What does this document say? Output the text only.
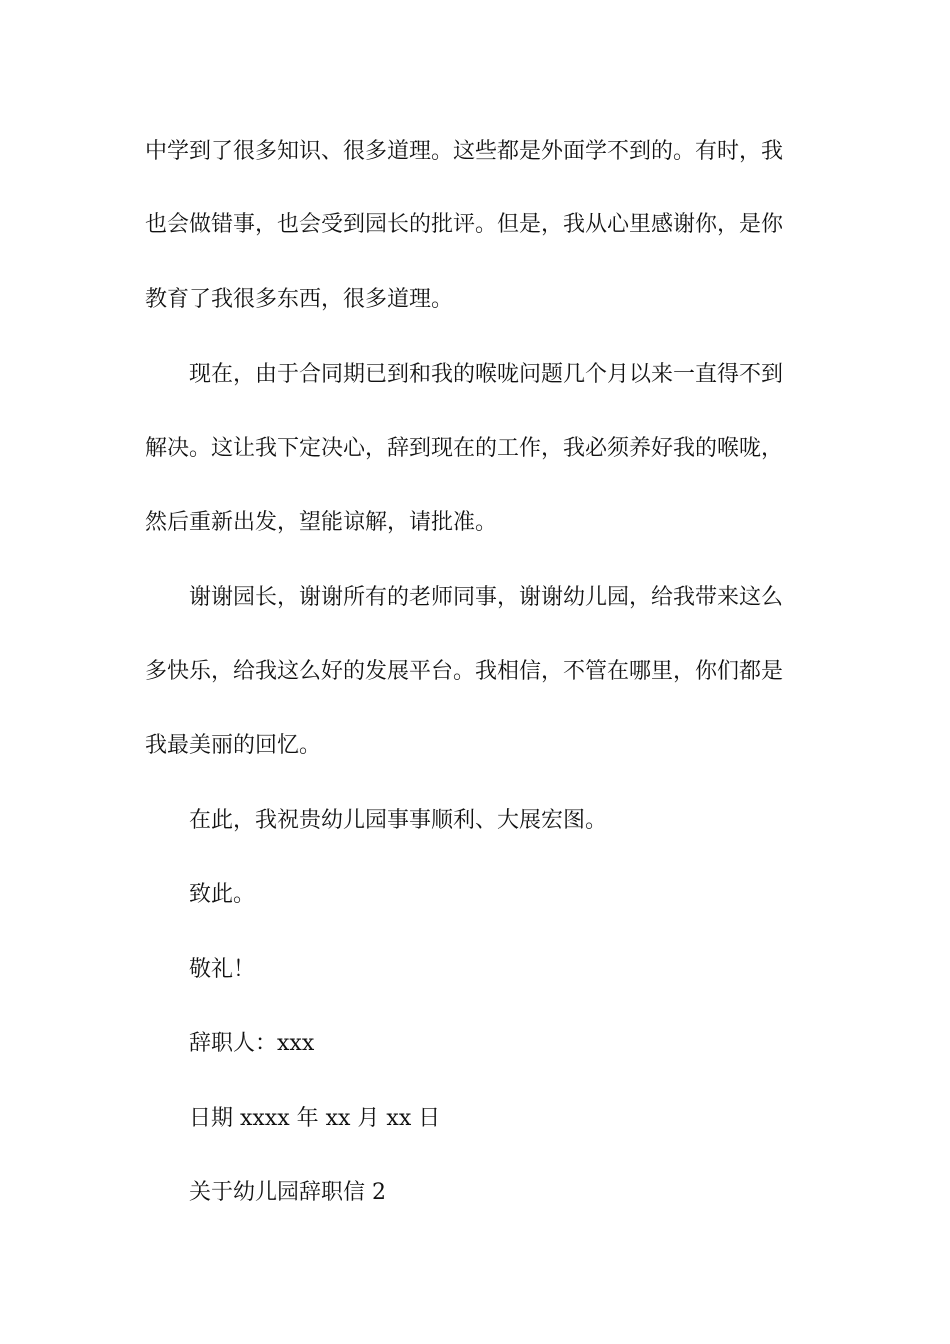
中学到了很多知识、很多道理。这些都是外面学不到的。有时，我
也会做错事，也会受到园长的批评。但是，我从心里感谢你，是你
教育了我很多东西，很多道理。
现在，由于合同期已到和我的喉咙问题几个月以来一直得不到
解决。这让我下定决心，辞到现在的工作，我必须养好我的喉咙，
然后重新出发，望能谅解，请批准。
谢谢园长，谢谢所有的老师同事，谢谢幼儿园，给我带来这么
多快乐，给我这么好的发展平台。我相信，不管在哪里，你们都是
我最美丽的回忆。
在此，我祝贵幼儿园事事顺利、大展宏图。
致此。
敬礼！
辞职人：xxx
日期 xxxx 年 xx 月 xx 日
关于幼儿园辞职信 2
